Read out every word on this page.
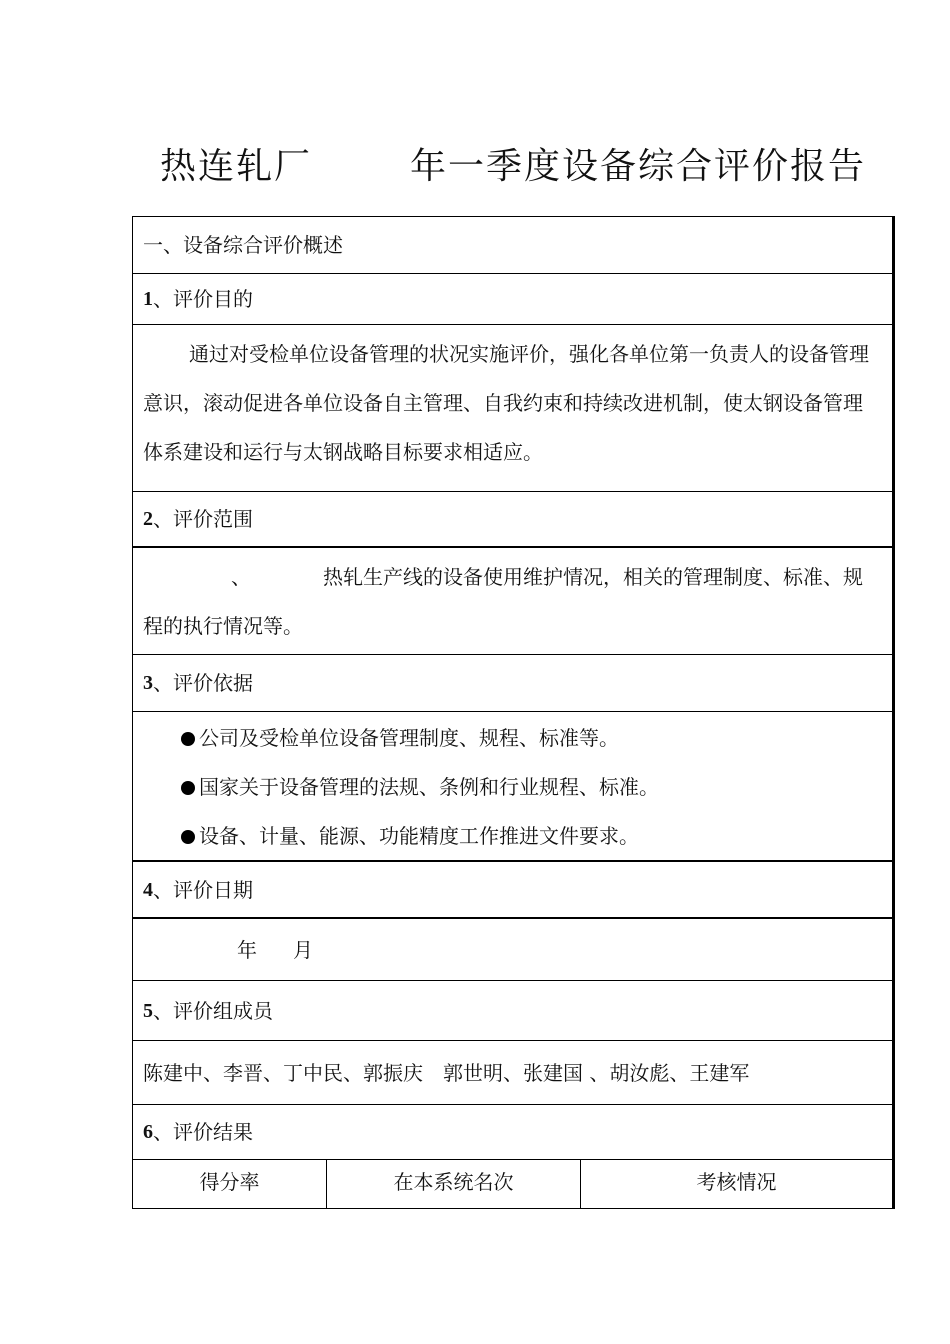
热连轧厂	年一季度设备综合评价报告
一、设备综合评价概述
1 、评价目的
通过对受检单位设备管理的状况实施评价，强化各单位第一负责人的设备管理意识，滚动促进各单位设备自主管理、自我约束和持续改进机制，使太钢设备管理体系建设和运行与太钢战略目标要求相适应。
2 、评价范围
、	热轧生产线的设备使用维护情况，相关的管理制度、标准、规程的执行情况等。
3 、评价依据
公司及受检单位设备管理制度、规程、标准等。
国家关于设备管理的法规、条例和行业规程、标准。
设备、计量、能源、功能精度工作推进文件要求。
4 、评价日期
年 月
5 、评价组成员
陈建中、李晋、丁中民、郭振庆　郭世明、张建国 、胡汝彪、王建军
6 、评价结果
得分率	在本系统名次	考核情况
